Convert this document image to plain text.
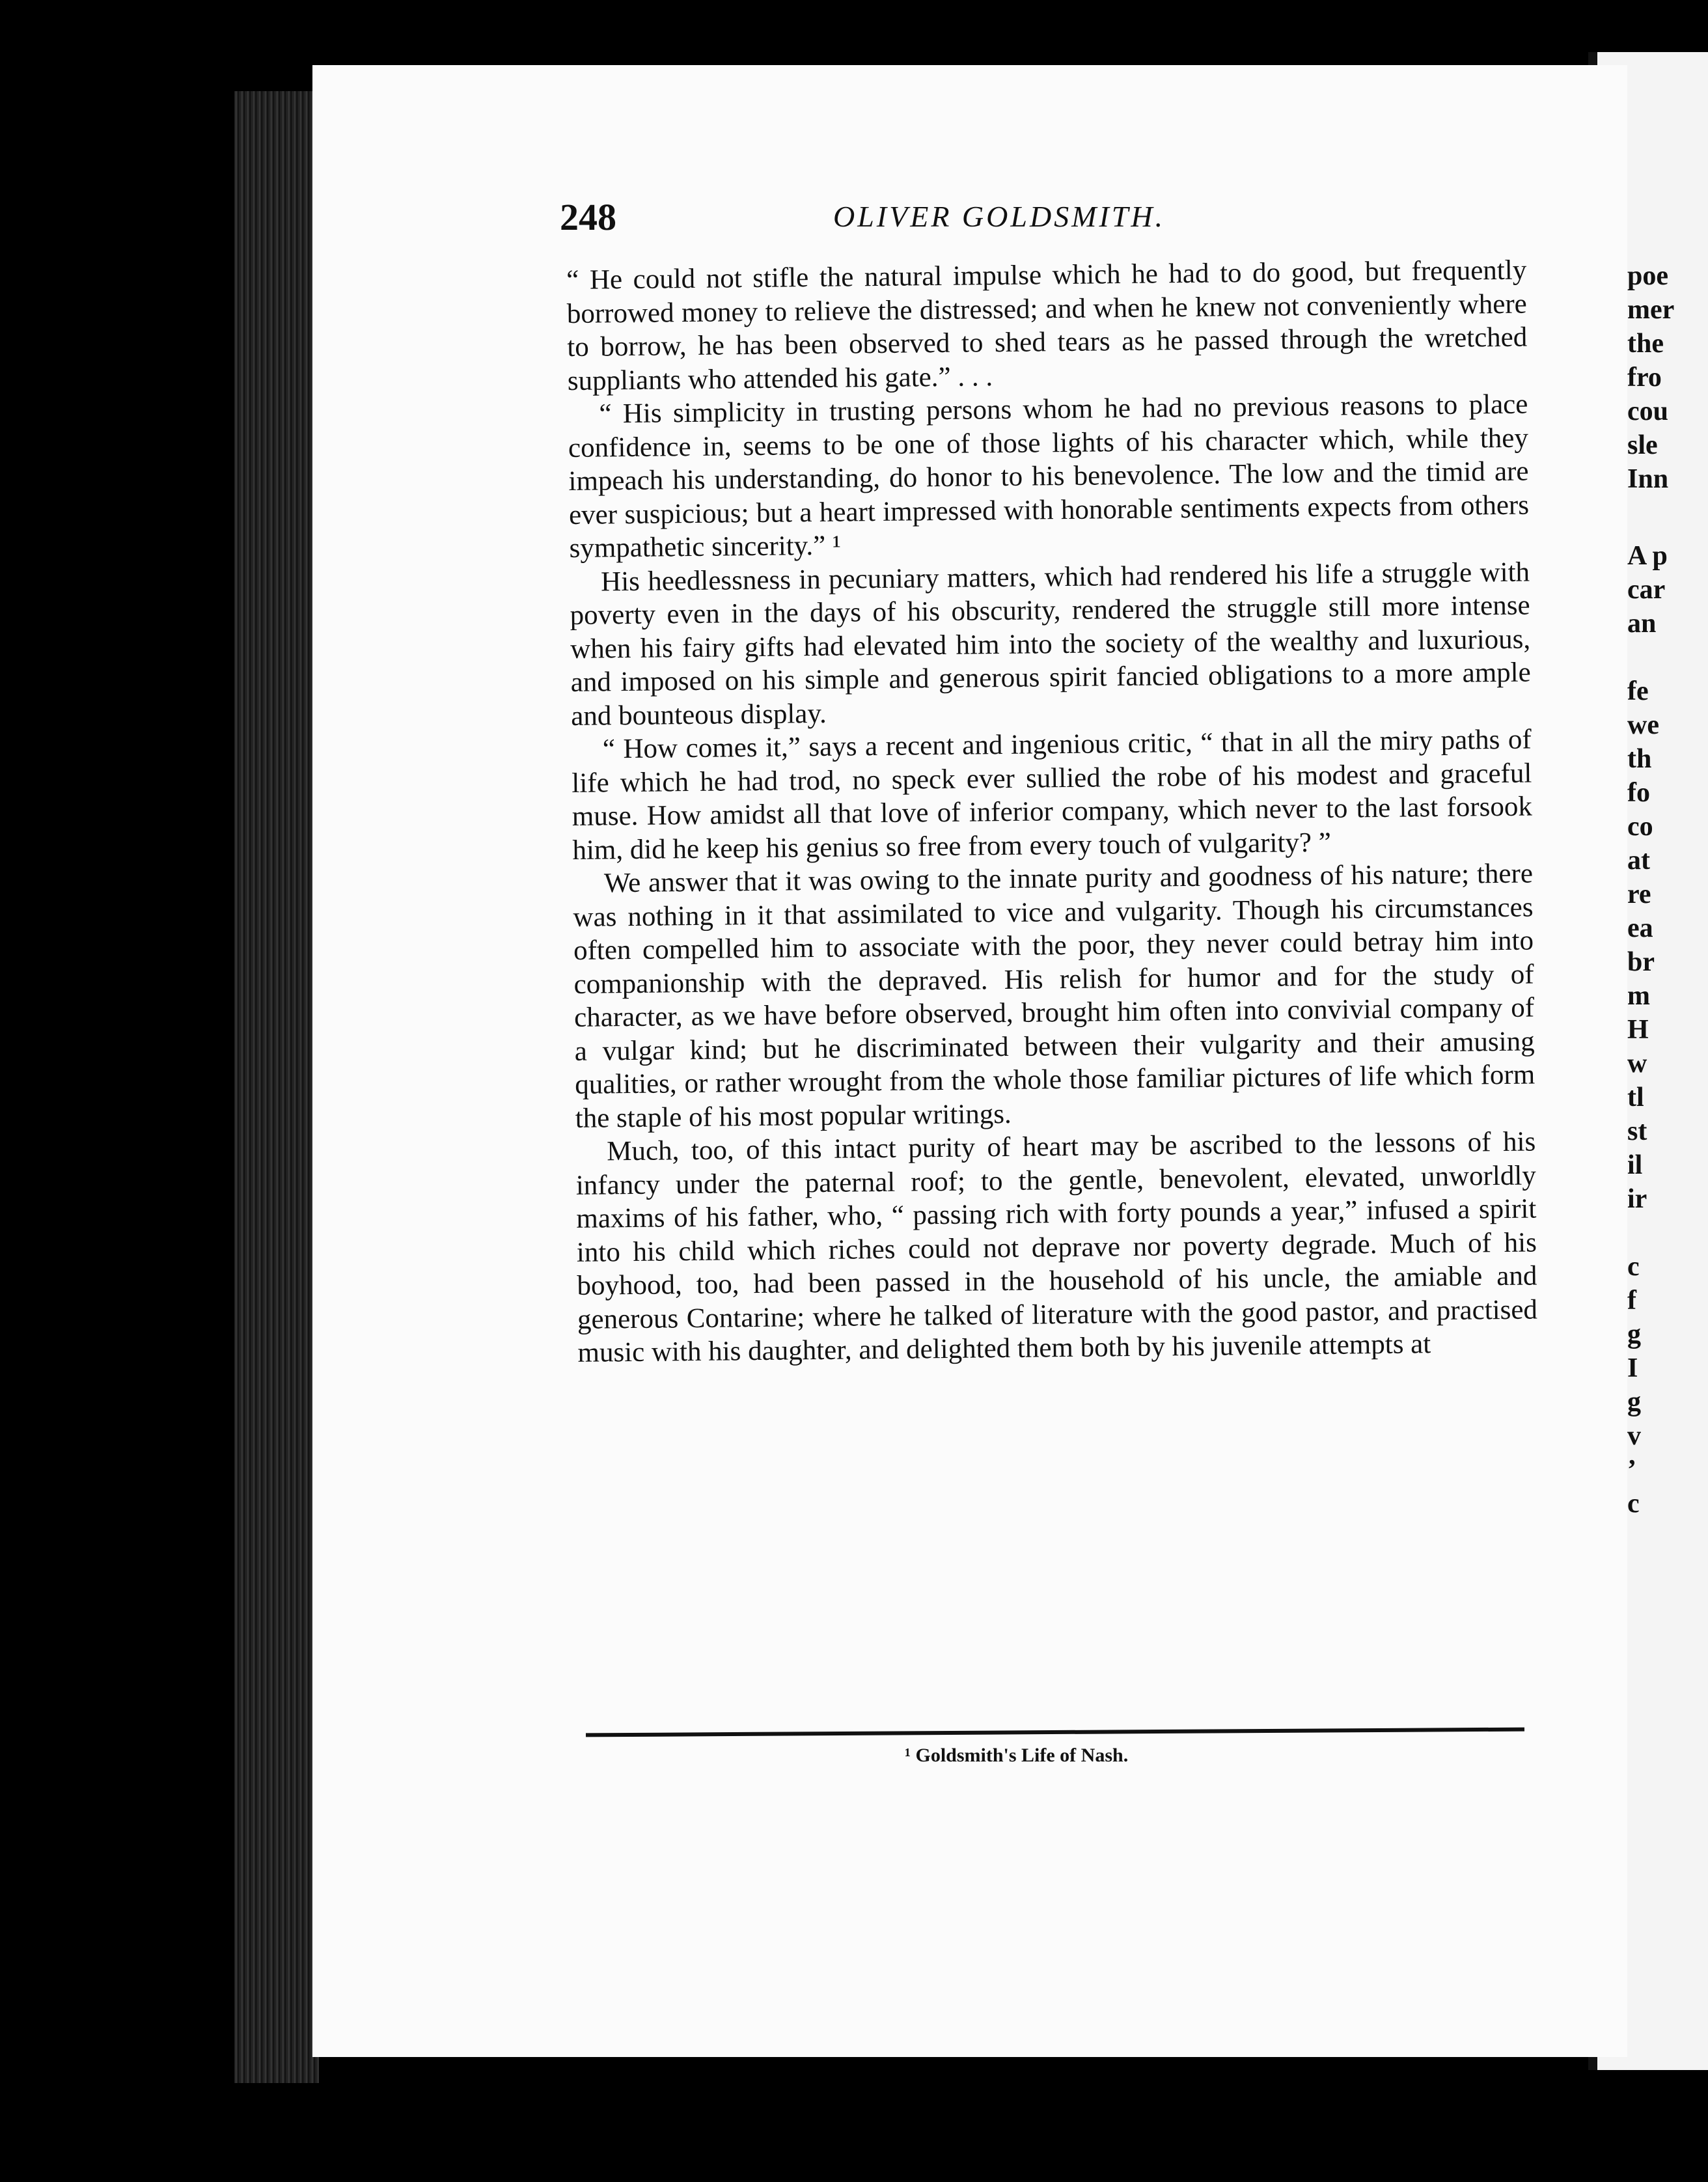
poe
mer
the
fro
cou
sle
Inn
A p
car
an
fe
we
th
fo
co
at
re
ea
br
m
H
w
tl
st
il
ir
c
f
g
I
g
v
’
c
248	OLIVER GOLDSMITH.

“ He could not stifle the natural impulse which he had to do good, but frequently borrowed money to relieve the distressed; and when he knew not conveniently where to borrow, he has been observed to shed tears as he passed through the wretched suppliants who attended his gate.” . . .

“ His simplicity in trusting persons whom he had no previous reasons to place confidence in, seems to be one of those lights of his character which, while they impeach his understanding, do honor to his benevolence. The low and the timid are ever suspicious; but a heart impressed with honorable sentiments expects from others sympathetic sincerity.” ¹

His heedlessness in pecuniary matters, which had rendered his life a struggle with poverty even in the days of his obscurity, rendered the struggle still more intense when his fairy gifts had elevated him into the society of the wealthy and luxurious, and imposed on his simple and generous spirit fancied obligations to a more ample and bounteous display.

“ How comes it,” says a recent and ingenious critic, “ that in all the miry paths of life which he had trod, no speck ever sullied the robe of his modest and graceful muse. How amidst all that love of inferior company, which never to the last forsook him, did he keep his genius so free from every touch of vulgarity? ”

We answer that it was owing to the innate purity and goodness of his nature; there was nothing in it that assimilated to vice and vulgarity. Though his circumstances often compelled him to associate with the poor, they never could betray him into companionship with the depraved. His relish for humor and for the study of character, as we have before observed, brought him often into convivial company of a vulgar kind; but he discriminated between their vulgarity and their amusing qualities, or rather wrought from the whole those familiar pictures of life which form the staple of his most popular writings.

Much, too, of this intact purity of heart may be ascribed to the lessons of his infancy under the paternal roof; to the gentle, benevolent, elevated, unworldly maxims of his father, who, “ passing rich with forty pounds a year,” infused a spirit into his child which riches could not deprave nor poverty degrade. Much of his boyhood, too, had been passed in the household of his uncle, the amiable and generous Contarine; where he talked of literature with the good pastor, and practised music with his daughter, and delighted them both by his juvenile attempts at

¹ Goldsmith's Life of Nash.
